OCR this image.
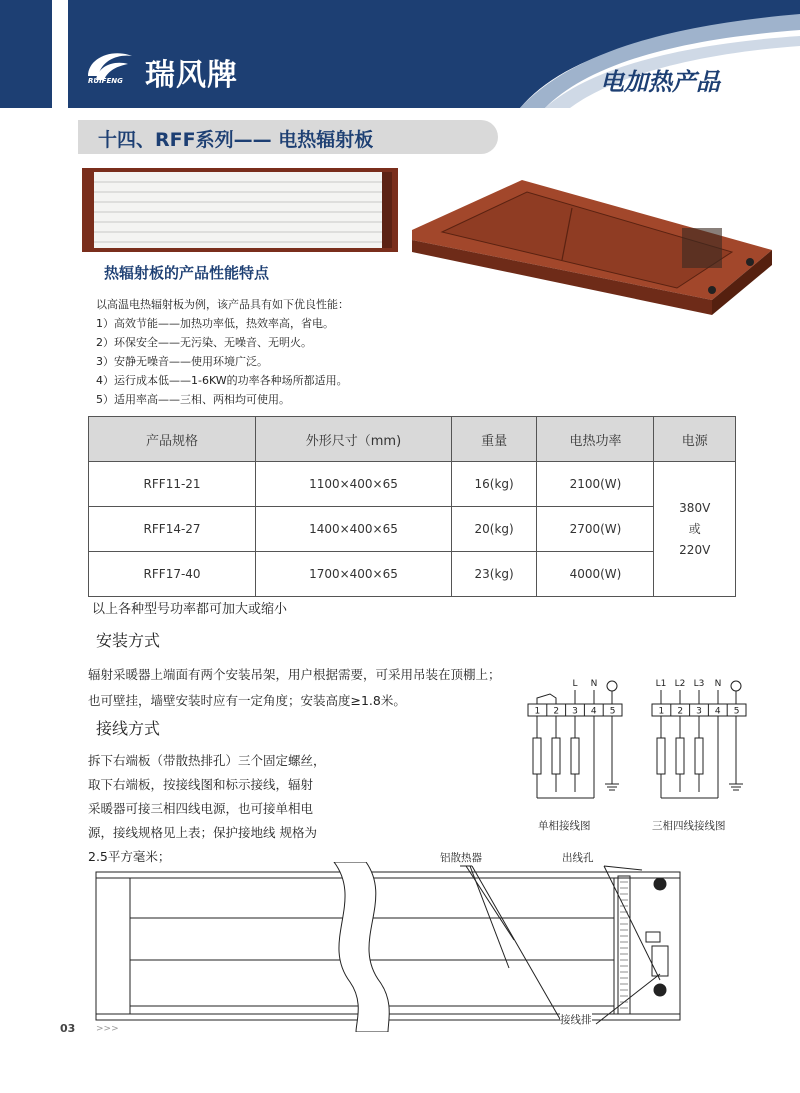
瑞风牌
RUIFENG	电加热产品
十四、RFF系列—— 电热辐射板
热辐射板的产品性能特点
以高温电热辐射板为例，该产品具有如下优良性能：
1）高效节能——加热功率低，热效率高，省电。
2）环保安全——无污染、无噪音、无明火。
3）安静无噪音——使用环境广泛。
4）运行成本低——1-6KW的功率各种场所都适用。
5）适用率高——三相、两相均可使用。
产品规格	外形尺寸（mm)	重量	电热功率	电源
RFF11-21	1100×400×65	16(kg)	2100(W)	380V
或
220V

RFF14-27	1400×400×65	20(kg)	2700(W)	
RFF17-40	1700×400×65	23(kg)	4000(W)	
以上各种型号功率都可加大或缩小
安装方式
辐射采暖器上端面有两个安装吊架，用户根据需要，可采用吊装在顶棚上；
也可壁挂，墙壁安装时应有一定角度；安装高度≥1.8米。
接线方式
拆下右端板（带散热排孔）三个固定螺丝，
取下右端板，按接线图和标示接线，辐射
采暖器可接三相四线电源，也可接单相电
源，接线规格见上表；保护接地线 规格为
2.5平方毫米；
L N
1 2 3 4 5
单相接线图
L1 L2 L3 N
1 2 3 4 5
三相四线接线图
铝散热器	出线孔
接线排
03 >>>
